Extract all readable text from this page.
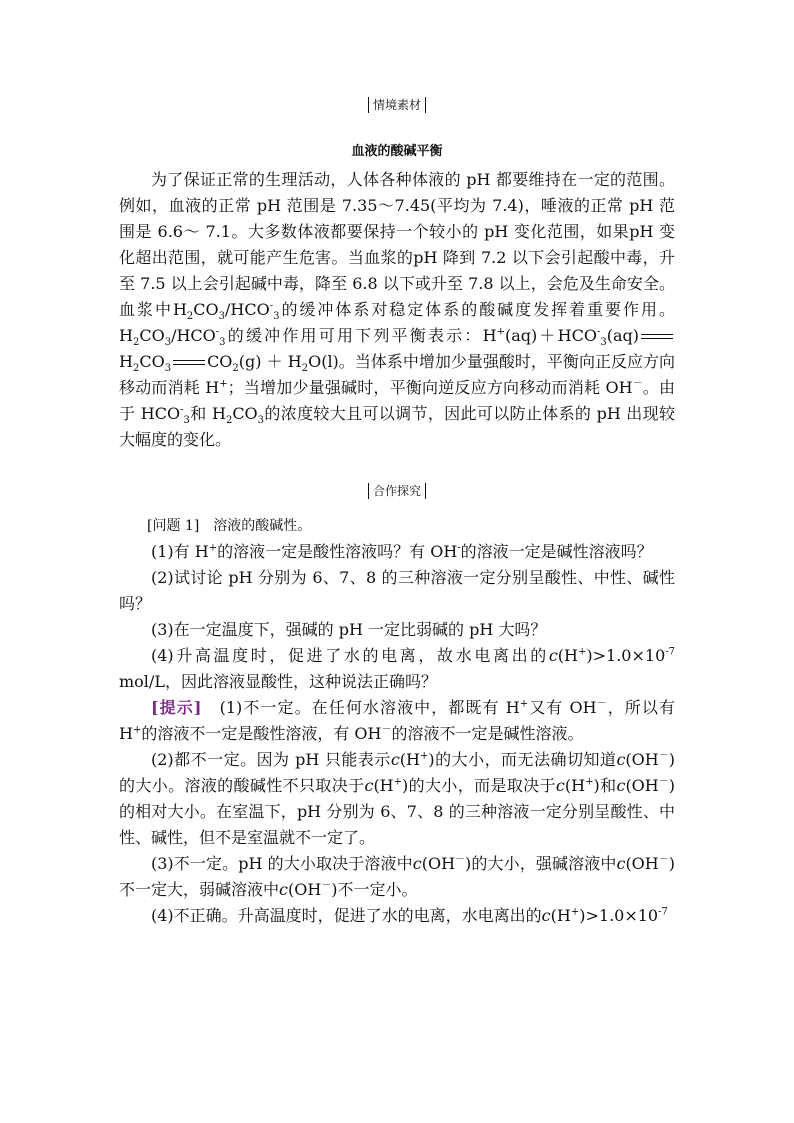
情境素材

血液的酸碱平衡

为了保证正常的生理活动，人体各种体液的 pH 都要维持在一定的范围。例如，血液的正常 pH 范围是 7.35～7.45(平均为 7.4)，唾液的正常 pH 范围是 6.6～ 7.1。大多数体液都要保持一个较小的 pH 变化范围，如果pH 变化超出范围，就可能产生危害。当血浆的pH 降到 7.2 以下会引起酸中毒，升至 7.5 以上会引起碱中毒，降至 6.8 以下或升至 7.8 以上，会危及生命安全。血浆中$H_2CO_3/HCO^-_3$的缓冲体系对稳定体系的酸碱度发挥着重要作用。$H_2CO_3/HCO^-_3$的缓冲作用可用下列平衡表示：$H^+(aq)+HCO^-_3(aq)H_2CO_3$ $CO_2(g) + H_2O(l)$。当体系中增加少量强酸时，平衡向正反应方向移动而消耗 H+；当增加少量强碱时，平衡向逆反应方向移动而消耗 OH－。由于 $HCO^-_3$和 $H_2CO_3$的浓度较大且可以调节，因此可以防止体系的 pH 出现较大幅度的变化。

合作探究

[问题 1]　溶液的酸碱性。

(1)有 H+的溶液一定是酸性溶液吗？有 OH-的溶液一定是碱性溶液吗？

(2)试讨论 pH 分别为 6、7、8 的三种溶液一定分别呈酸性、中性、碱性吗？

(3)在一定温度下，强碱的 pH 一定比弱碱的 pH 大吗？

(4)升高温度时，促进了水的电离，故水电离出的$c(H^+)>1.0\times 10^{-7}$ mol/L，因此溶液显酸性，这种说法正确吗？

[提示]　(1)不一定。在任何水溶液中，都既有 H+又有 OH－，所以有 H+的溶液不一定是酸性溶液，有 OH－的溶液不一定是碱性溶液。

(2)都不一定。因为 pH 只能表示c(H+)的大小，而无法确切知道c(OH－)的大小。溶液的酸碱性不只取决于c(H+)的大小，而是取决于c(H+)和c(OH－)的相对大小。在室温下，pH 分别为 6、7、8 的三种溶液一定分别呈酸性、中性、碱性，但不是室温就不一定了。

(3)不一定。pH 的大小取决于溶液中c(OH－)的大小，强碱溶液中c(OH－)不一定大，弱碱溶液中c(OH－)不一定小。

(4)不正确。升高温度时，促进了水的电离，水电离出的$c(H^+)>1.0\times 10^{-7}$
